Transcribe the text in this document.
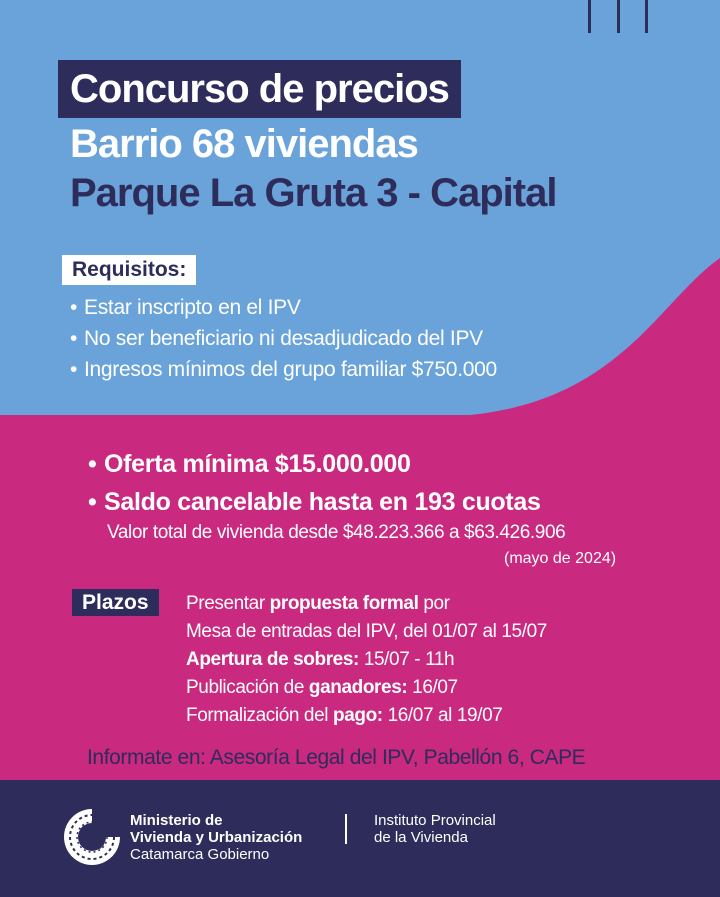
Concurso de precios
Barrio 68 viviendas
Parque La Gruta 3 - Capital
Requisitos:
• Estar inscripto en el IPV
• No ser beneficiario ni desadjudicado del IPV
• Ingresos mínimos del grupo familiar $750.000
• Oferta mínima $15.000.000
• Saldo cancelable hasta en 193 cuotas
Valor total de vivienda desde $48.223.366 a $63.426.906
(mayo de 2024)
Plazos	Presentar propuesta formal por
Mesa de entradas del IPV, del 01/07 al 15/07
Apertura de sobres: 15/07 - 11h
Publicación de ganadores: 16/07
Formalización del pago: 16/07 al 19/07
Informate en: Asesoría Legal del IPV, Pabellón 6, CAPE
Ministerio de
Vivienda y Urbanización
Catamarca Gobierno
Instituto Provincial
de la Vivienda
